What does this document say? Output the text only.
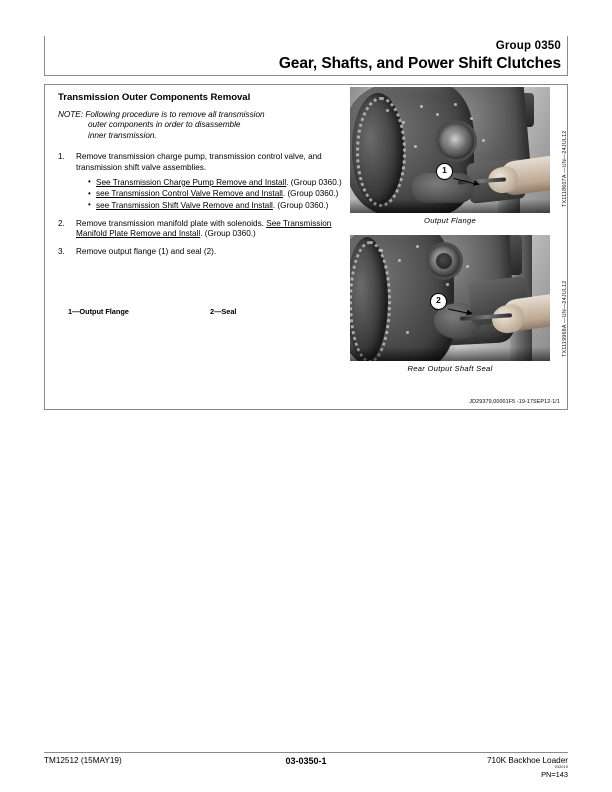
Group 0350
Gear, Shafts, and Power Shift Clutches
Transmission Outer Components Removal
NOTE: Following procedure is to remove all transmission
outer components in order to disassemble
inner transmission.
1.	Remove transmission charge pump, transmission control valve, and transmission shift valve assemblies.
• See Transmission Charge Pump Remove and Install. (Group 0360.)
• see Transmission Control Valve Remove and Install. (Group 0360.)
• see Transmission Shift Valve Remove and Install. (Group 0360.)
2.	Remove transmission manifold plate with solenoids. See Transmission Manifold Plate Remove and Install. (Group 0360.)
3.	Remove output flange (1) and seal (2).
1—Output Flange	2—Seal
1
Output Flange
TX1118607A —UN—24JUL12
2
Rear Output Shaft Seal
TX1119968A —UN—24JUL12
JD29379,00001F5 -19-17SEP12-1/1
TM12512 (15MAY19)	03-0350-1	710K Backhoe Loader
032019
PN=143
